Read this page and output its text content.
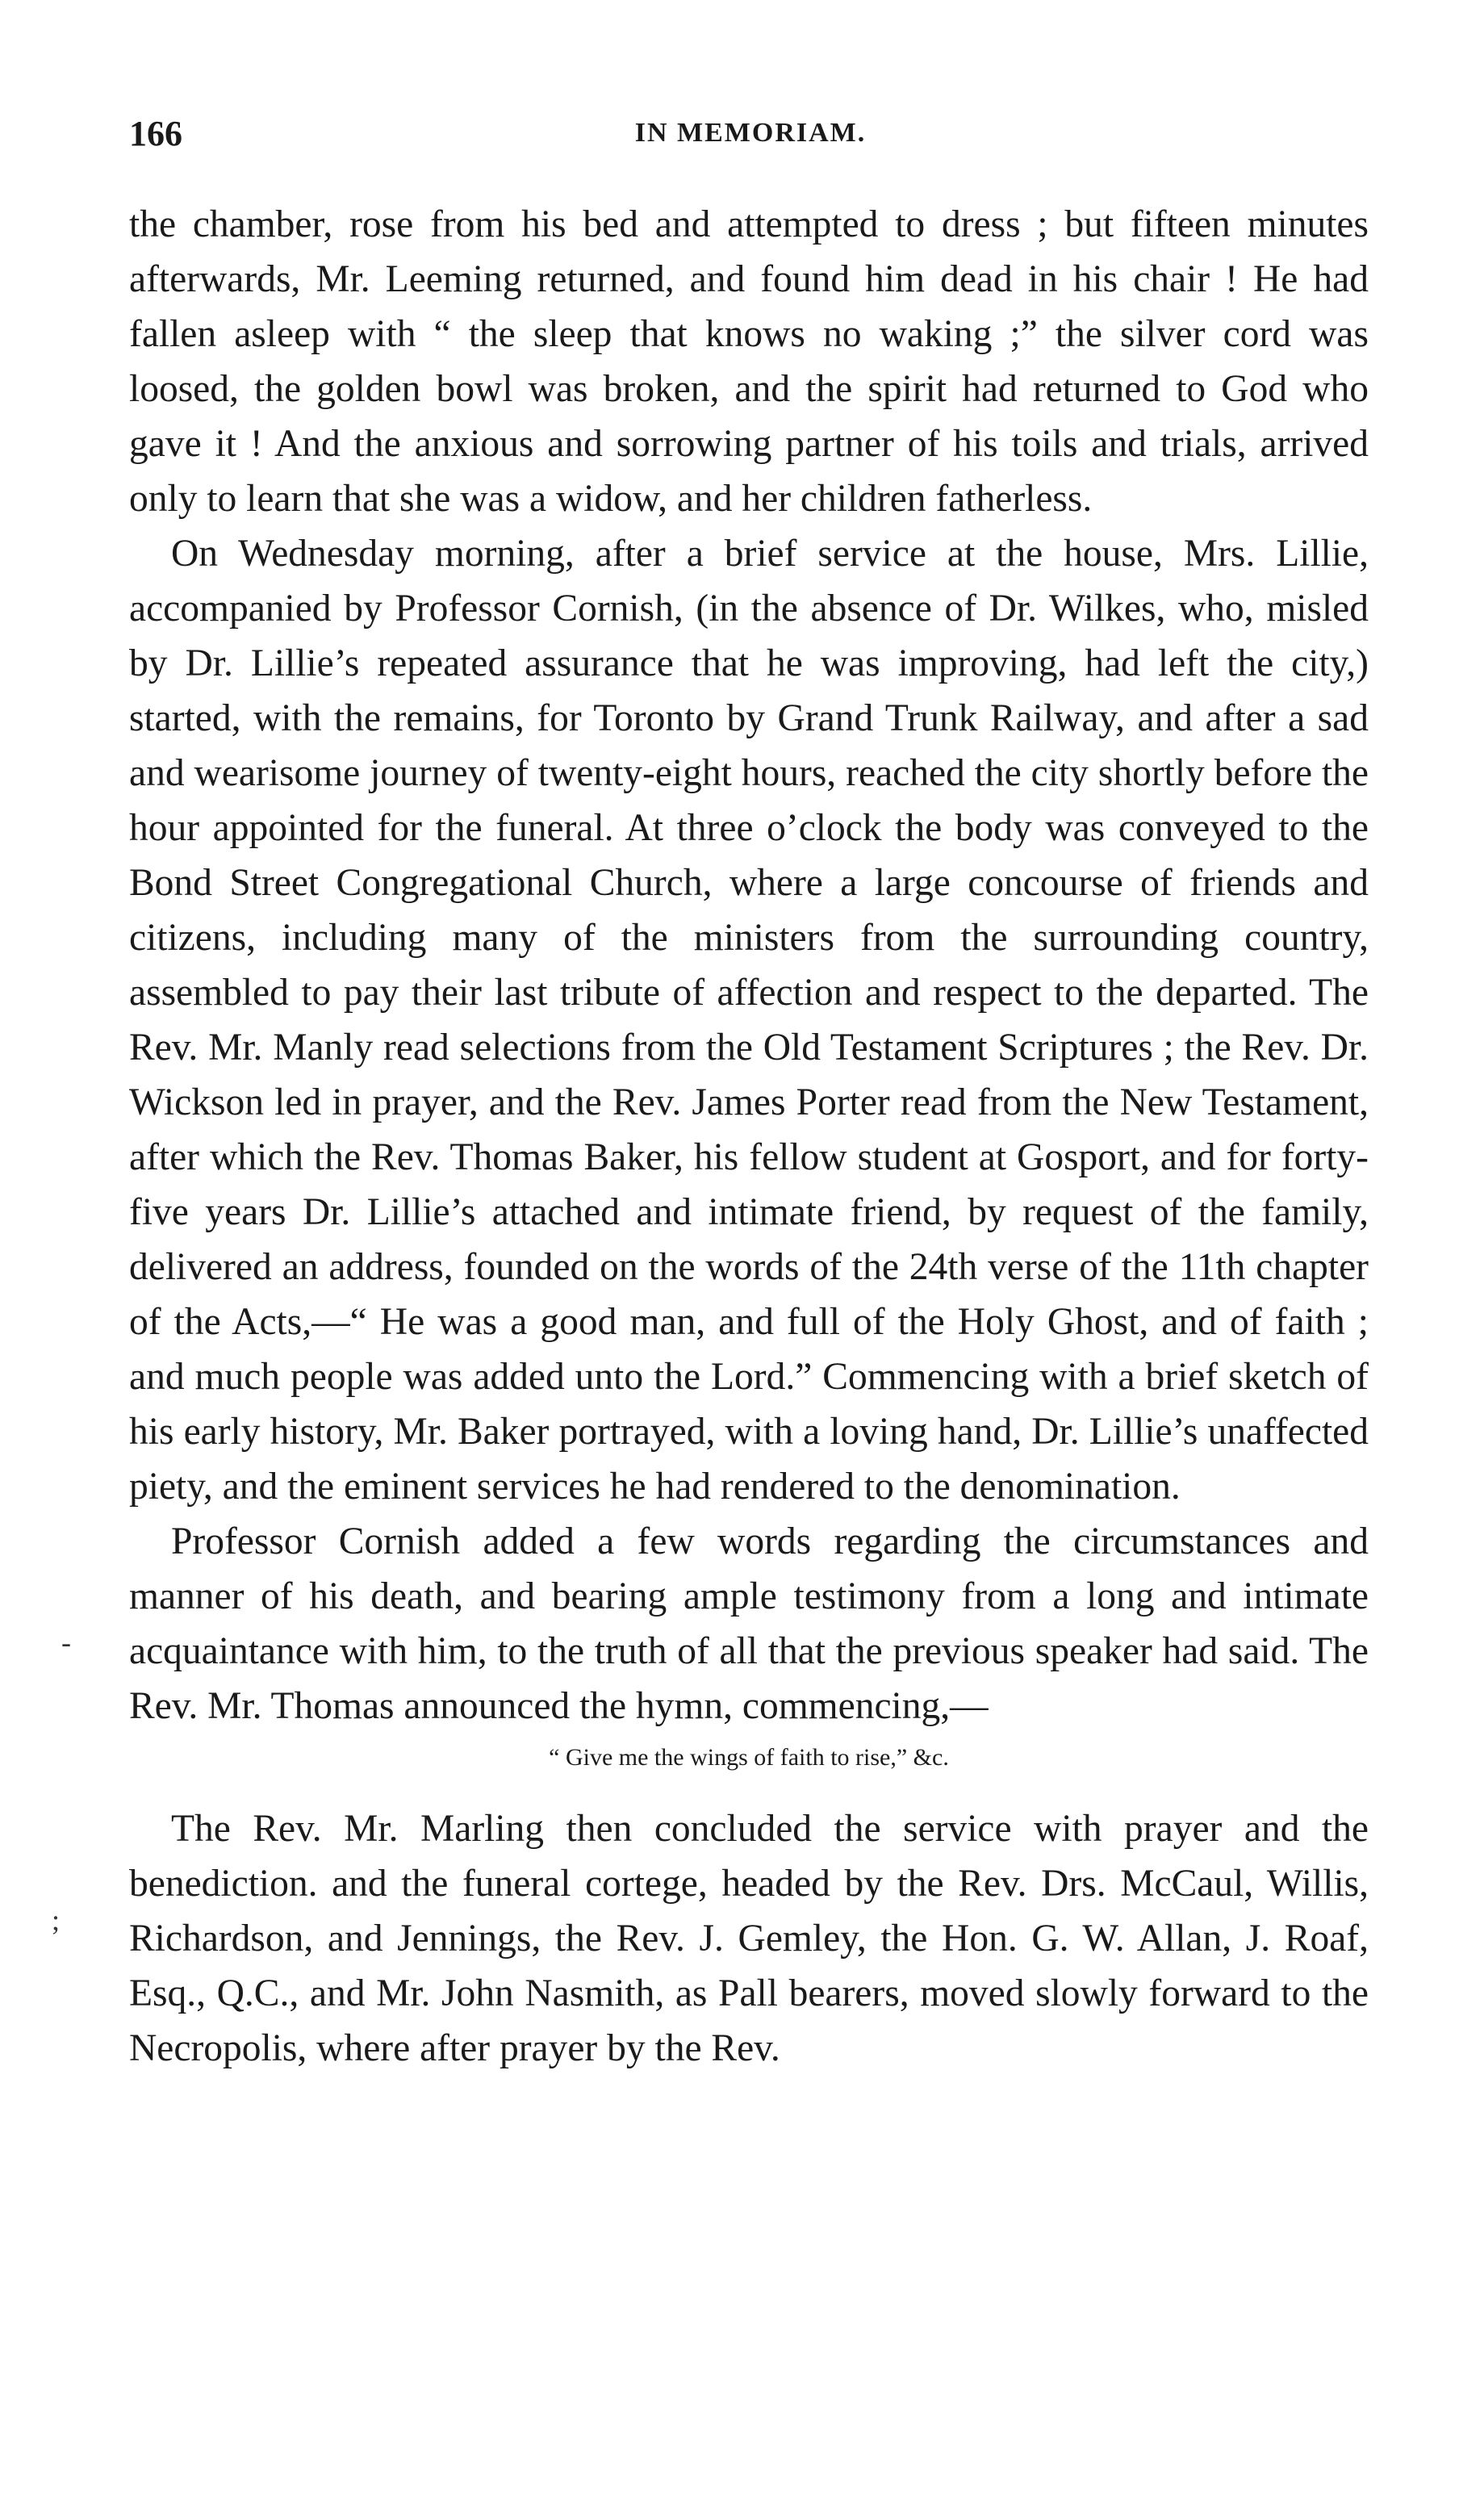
166	IN MEMORIAM.

the chamber, rose from his bed and attempted to dress ; but fifteen minutes afterwards, Mr. Leeming returned, and found him dead in his chair ! He had fallen asleep with “ the sleep that knows no waking ;” the silver cord was loosed, the golden bowl was broken, and the spirit had returned to God who gave it ! And the anxious and sorrowing partner of his toils and trials, arrived only to learn that she was a widow, and her children fatherless.

On Wednesday morning, after a brief service at the house, Mrs. Lillie, accompanied by Professor Cornish, (in the absence of Dr. Wilkes, who, misled by Dr. Lillie’s repeated assurance that he was improving, had left the city,) started, with the remains, for Toronto by Grand Trunk Railway, and after a sad and wearisome journey of twenty-eight hours, reached the city shortly before the hour appointed for the funeral. At three o’clock the body was conveyed to the Bond Street Congregational Church, where a large concourse of friends and citizens, including many of the ministers from the surrounding country, assembled to pay their last tribute of affection and respect to the departed. The Rev. Mr. Manly read selections from the Old Testament Scriptures ; the Rev. Dr. Wickson led in prayer, and the Rev. James Porter read from the New Testament, after which the Rev. Thomas Baker, his fellow student at Gosport, and for forty-five years Dr. Lillie’s attached and intimate friend, by request of the family, delivered an address, founded on the words of the 24th verse of the 11th chapter of the Acts,—“ He was a good man, and full of the Holy Ghost, and of faith ; and much people was added unto the Lord.” Commencing with a brief sketch of his early history, Mr. Baker portrayed, with a loving hand, Dr. Lillie’s unaffected piety, and the eminent services he had rendered to the denomination.

Professor Cornish added a few words regarding the circumstances and manner of his death, and bearing ample testimony from a long and intimate acquaintance with him, to the truth of all that the previous speaker had said. The Rev. Mr. Thomas announced the hymn, commencing,—

“ Give me the wings of faith to rise,” &c.

The Rev. Mr. Marling then concluded the service with prayer and the benediction. and the funeral cortege, headed by the Rev. Drs. McCaul, Willis, Richardson, and Jennings, the Rev. J. Gemley, the Hon. G. W. Allan, J. Roaf, Esq., Q.C., and Mr. John Nasmith, as Pall bearers, moved slowly forward to the Necropolis, where after prayer by the Rev.

-
;
